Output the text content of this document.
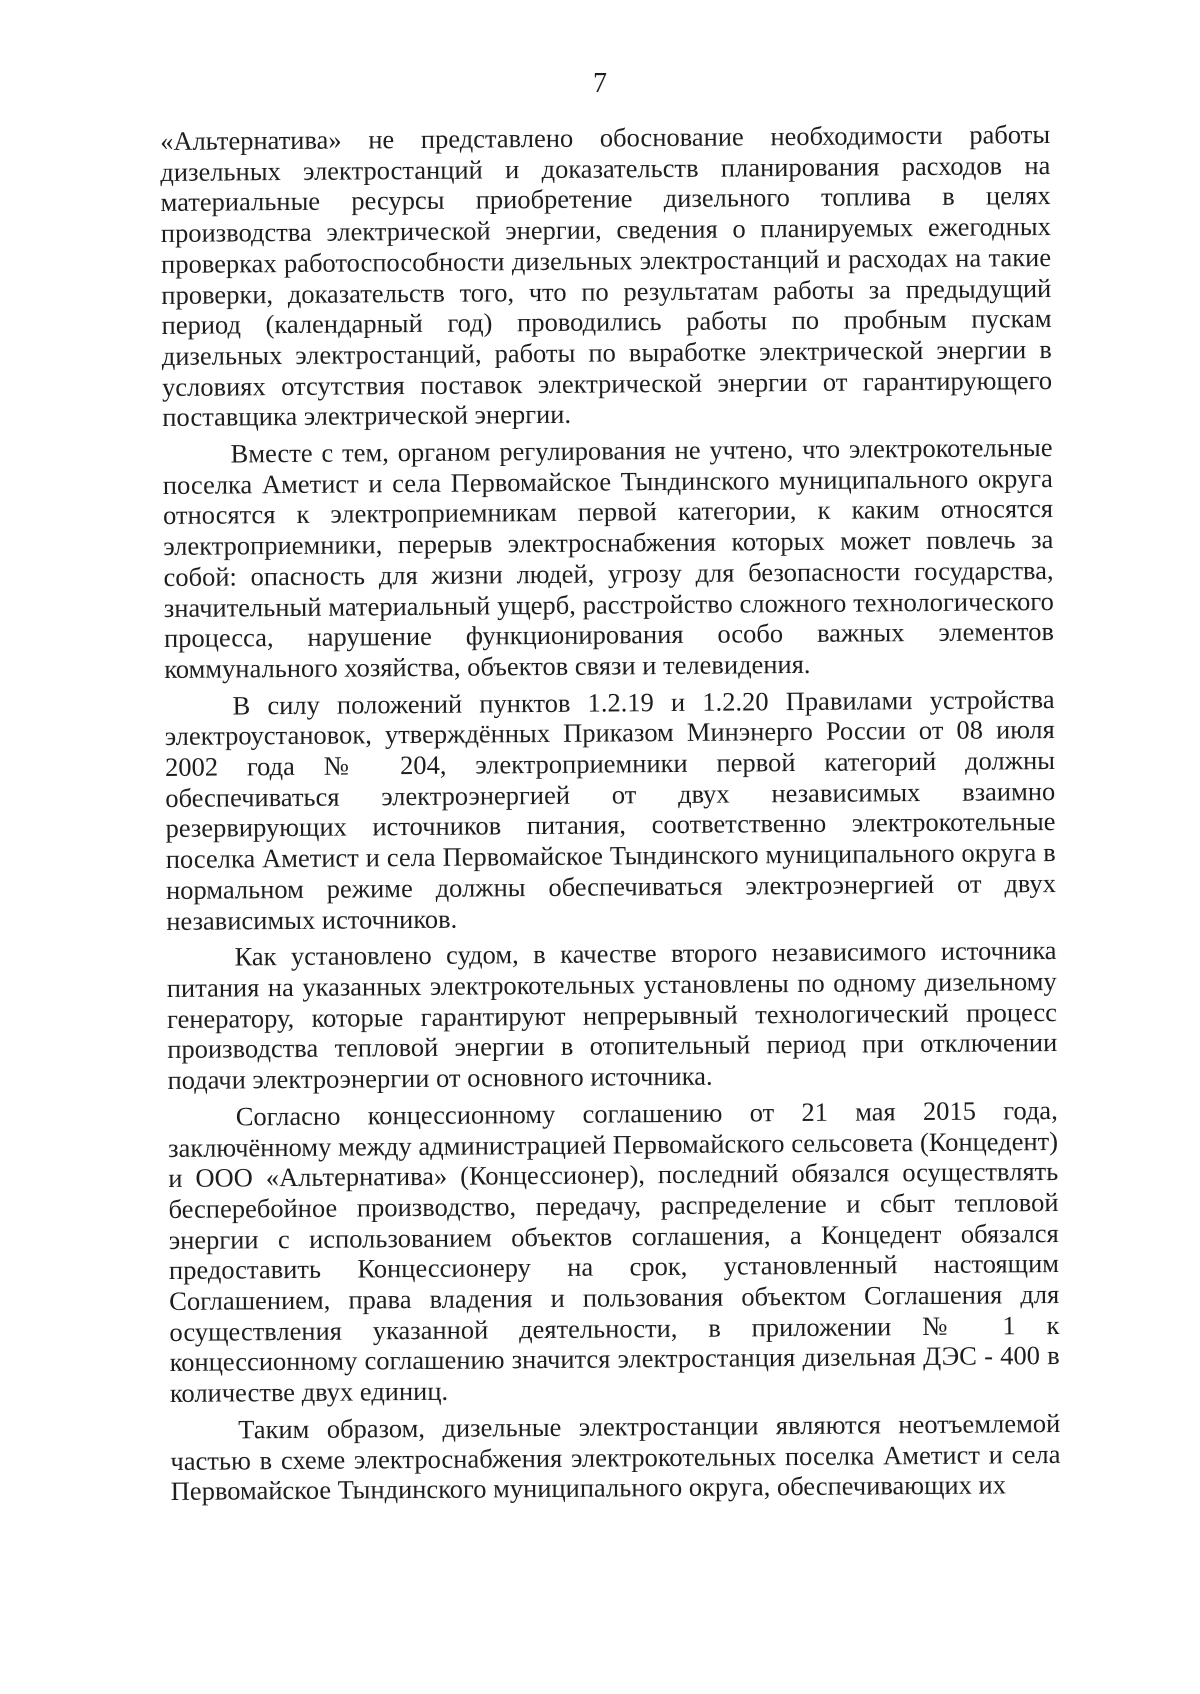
7

«Альтернатива» не представлено обоснование необходимости работы дизельных электростанций и доказательств планирования расходов на материальные ресурсы приобретение дизельного топлива в целях производства электрической энергии, сведения о планируемых ежегодных проверках работоспособности дизельных электростанций и расходах на такие проверки, доказательств того, что по результатам работы за предыдущий период (календарный год) проводились работы по пробным пускам дизельных электростанций, работы по выработке электрической энергии в условиях отсутствия поставок электрической энергии от гарантирующего поставщика электрической энергии.

Вместе с тем, органом регулирования не учтено, что электрокотельные поселка Аметист и села Первомайское Тындинского муниципального округа относятся к электроприемникам первой категории, к каким относятся электроприемники, перерыв электроснабжения которых может повлечь за собой: опасность для жизни людей, угрозу для безопасности государства, значительный материальный ущерб, расстройство сложного технологического процесса, нарушение функционирования особо важных элементов коммунального хозяйства, объектов связи и телевидения.

В силу положений пунктов 1.2.19 и 1.2.20 Правилами устройства электроустановок, утверждённых Приказом Минэнерго России от 08 июля 2002 года № 204, электроприемники первой категорий должны обеспечиваться электроэнергией от двух независимых взаимно резервирующих источников питания, соответственно электрокотельные поселка Аметист и села Первомайское Тындинского муниципального округа в нормальном режиме должны обеспечиваться электроэнергией от двух независимых источников.

Как установлено судом, в качестве второго независимого источника питания на указанных электрокотельных установлены по одному дизельному генератору, которые гарантируют непрерывный технологический процесс производства тепловой энергии в отопительный период при отключении подачи электроэнергии от основного источника.

Согласно концессионному соглашению от 21 мая 2015 года, заключённому между администрацией Первомайского сельсовета (Концедент) и ООО «Альтернатива» (Концессионер), последний обязался осуществлять бесперебойное производство, передачу, распределение и сбыт тепловой энергии с использованием объектов соглашения, а Концедент обязался предоставить Концессионеру на срок, установленный настоящим Соглашением, права владения и пользования объектом Соглашения для осуществления указанной деятельности, в приложении № 1 к концессионному соглашению значится электростанция дизельная ДЭС - 400 в количестве двух единиц.

Таким образом, дизельные электростанции являются неотъемлемой частью в схеме электроснабжения электрокотельных поселка Аметист и села Первомайское Тындинского муниципального округа, обеспечивающих их
